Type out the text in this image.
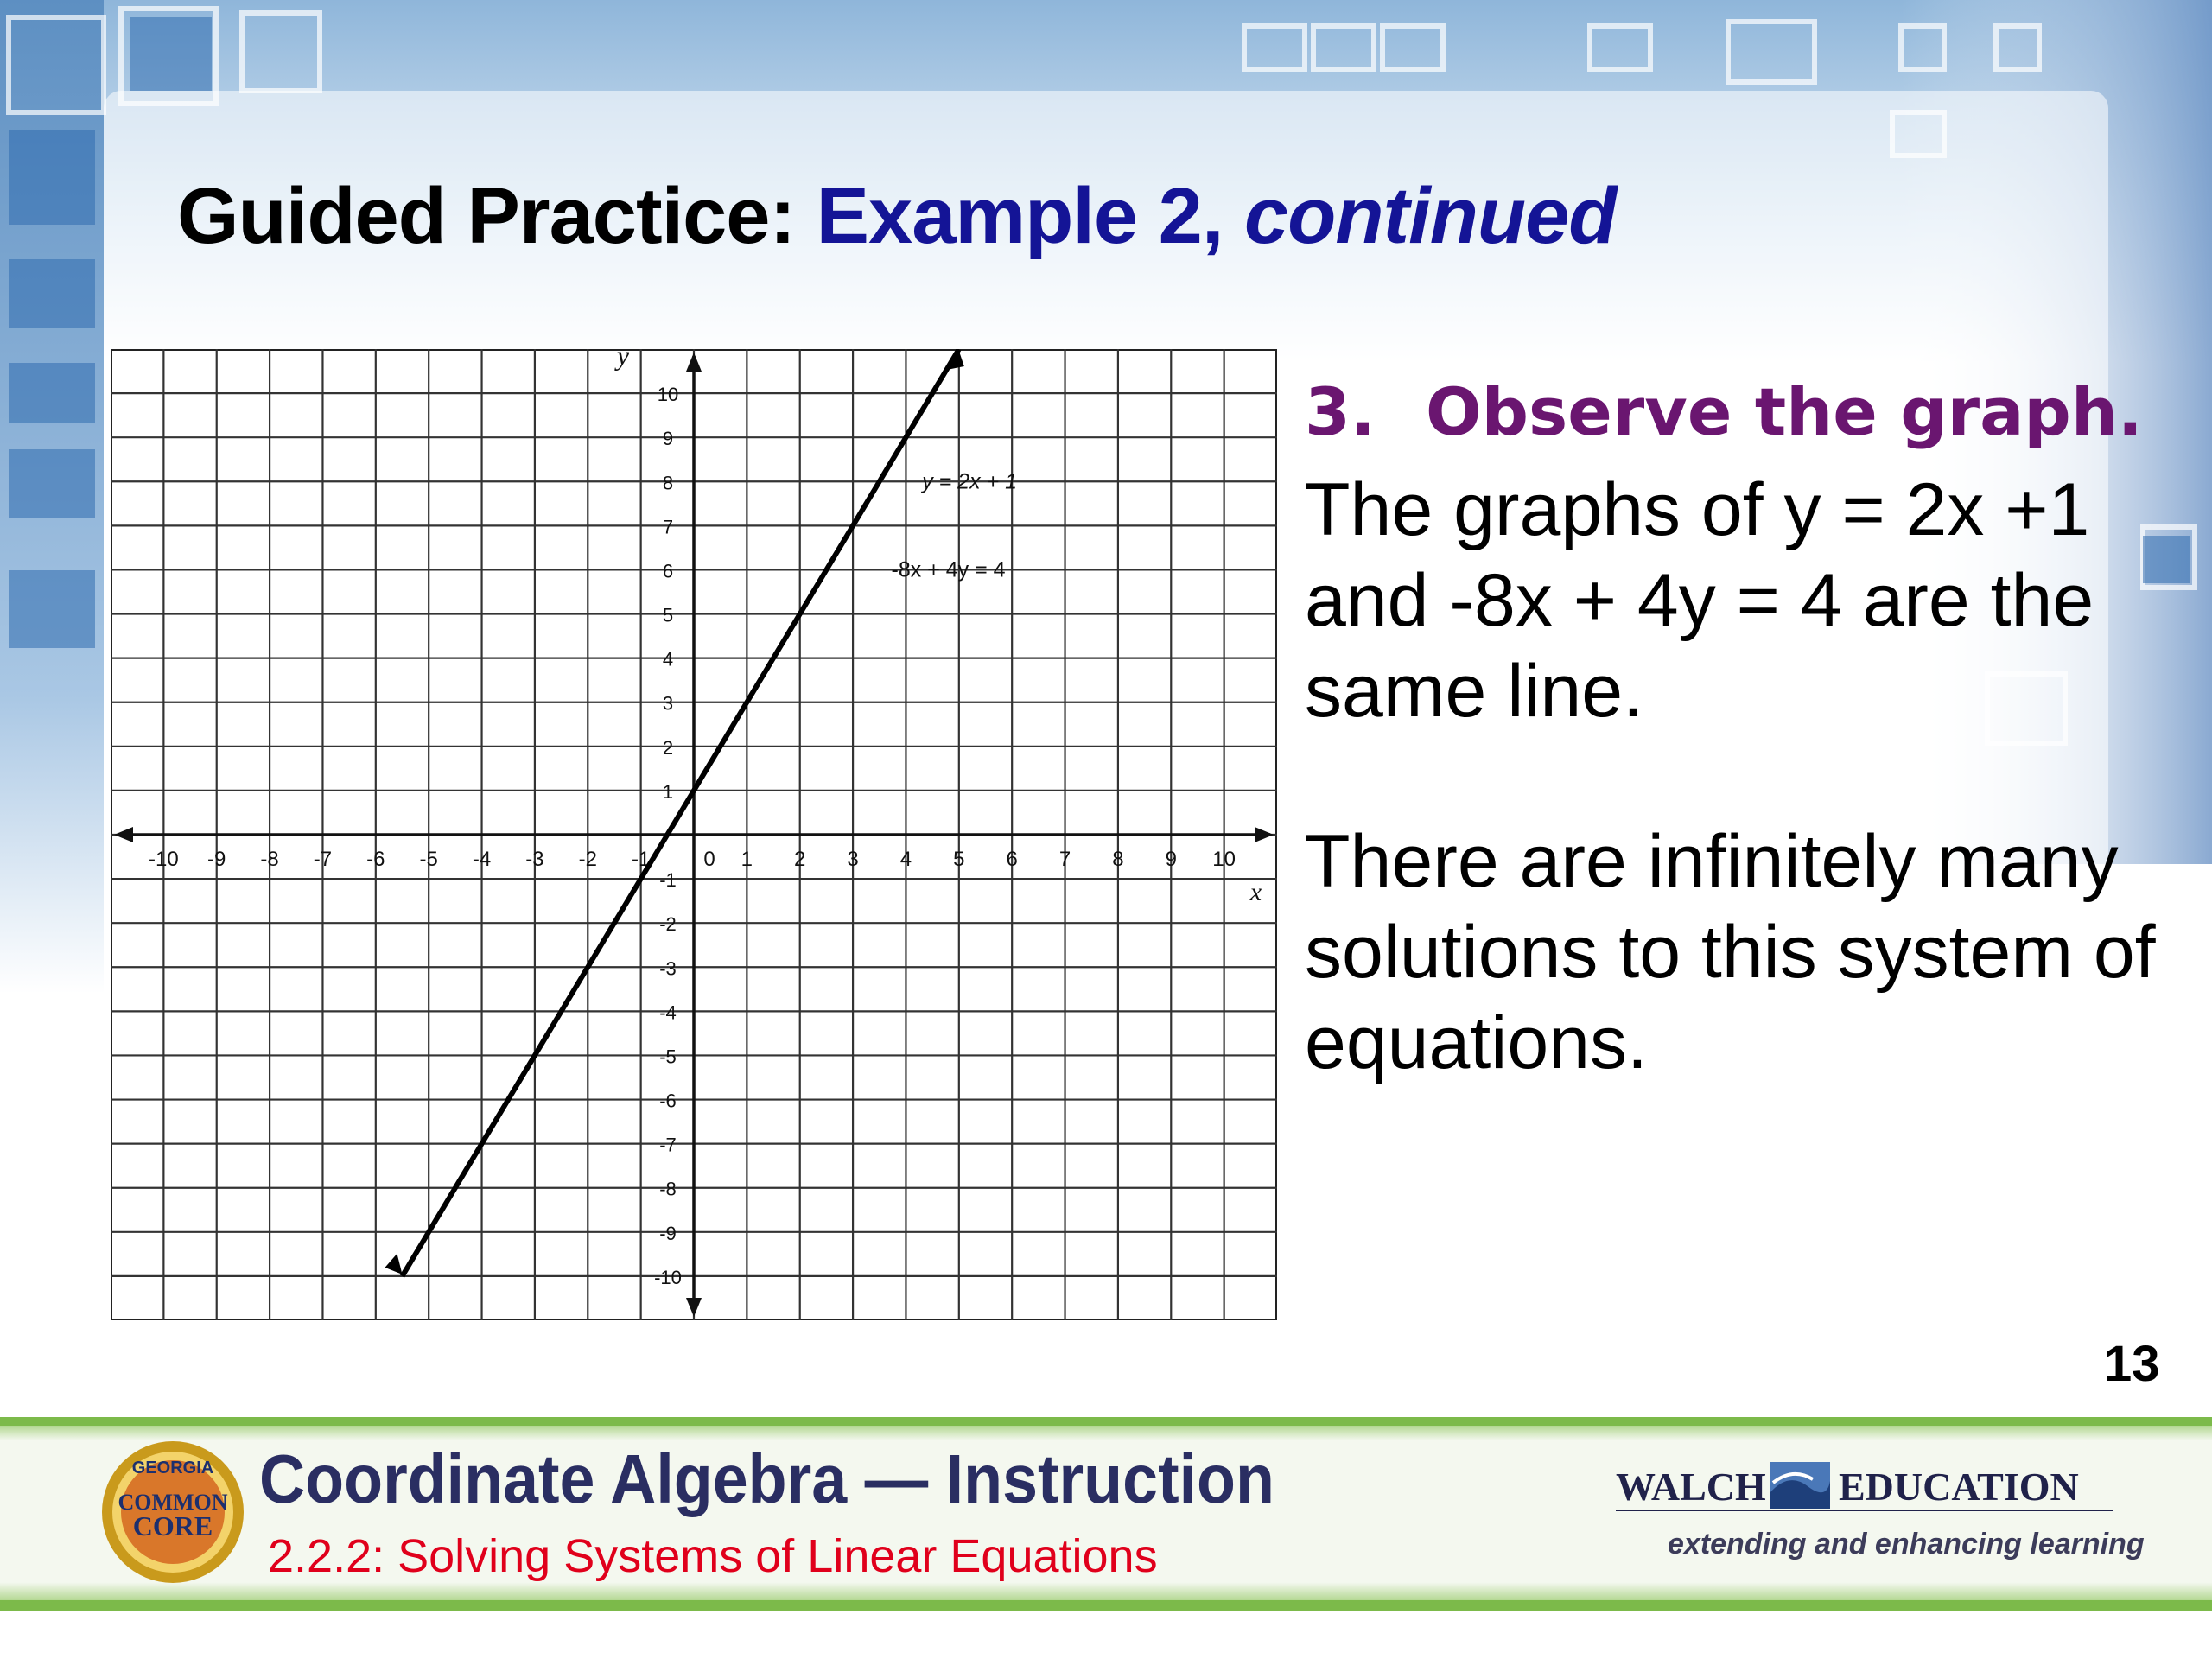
Guided Practice: Example 2, continued
-10 -9 -8 -7 -6 -5 -4 -3 -2 -1	0 1 2 3 4 5 6 7 8 9 10
10
9
8
7
6
5
4
3
2
1
-1
-2
-3
-4
-5
-6
-7
-8
-9
-10
x
y
y = 2x + 1
-8x + 4y = 4
3. Observe the graph.
The graphs of y = 2x +1 and -8x + 4y = 4 are the same line.
There are infinitely many solutions to this system of equations.
13
GEORGIA
COMMON
CORE
Coordinate Algebra — Instruction
2.2.2: Solving Systems of Linear Equations
WALCH EDUCATION
extending and enhancing learning
